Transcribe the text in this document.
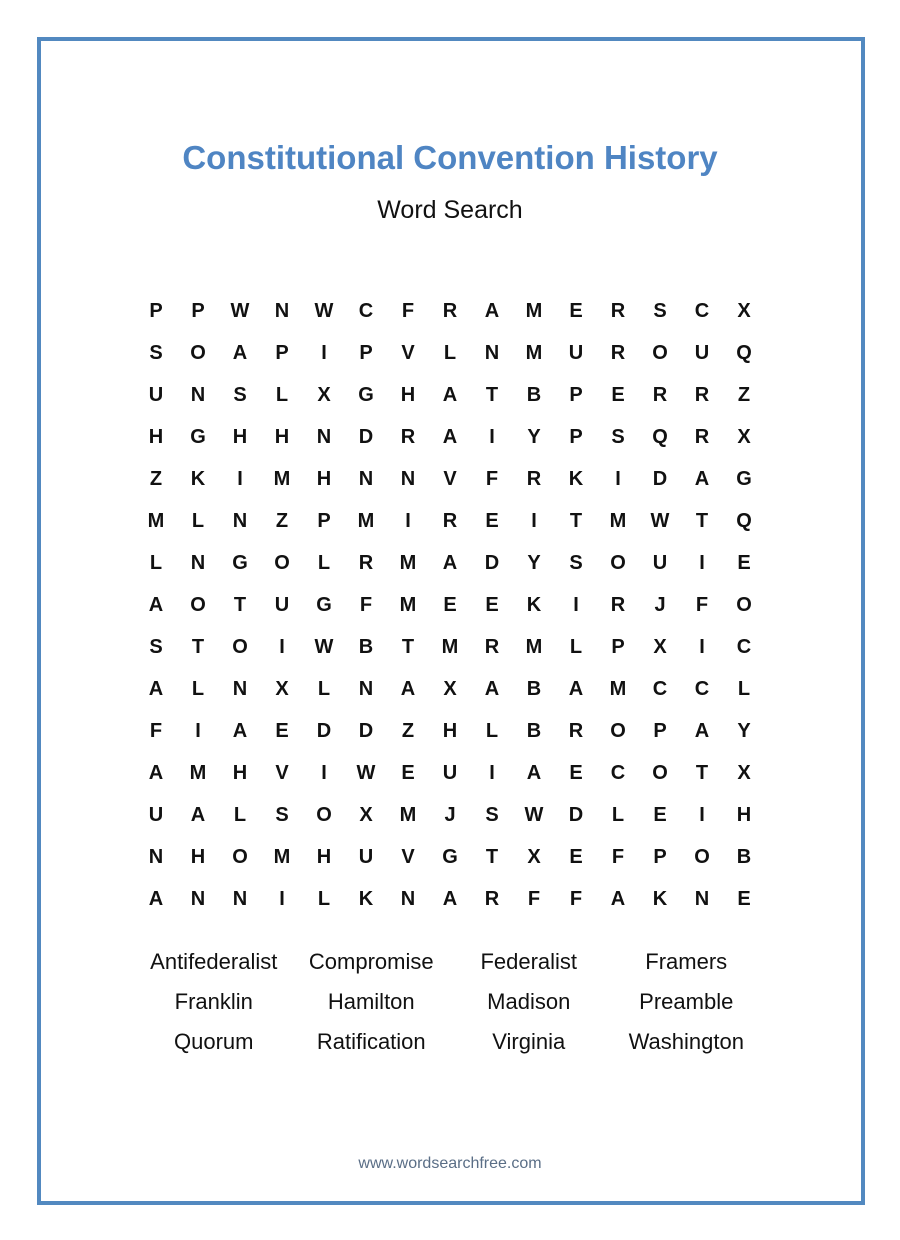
Constitutional Convention History
Word Search
P	P	W	N	W	C	F	R	A	M	E	R	S	C	X
S	O	A	P	I	P	V	L	N	M	U	R	O	U	Q
U	N	S	L	X	G	H	A	T	B	P	E	R	R	Z
H	G	H	H	N	D	R	A	I	Y	P	S	Q	R	X
Z	K	I	M	H	N	N	V	F	R	K	I	D	A	G
M	L	N	Z	P	M	I	R	E	I	T	M	W	T	Q
L	N	G	O	L	R	M	A	D	Y	S	O	U	I	E
A	O	T	U	G	F	M	E	E	K	I	R	J	F	O
S	T	O	I	W	B	T	M	R	M	L	P	X	I	C
A	L	N	X	L	N	A	X	A	B	A	M	C	C	L
F	I	A	E	D	D	Z	H	L	B	R	O	P	A	Y
A	M	H	V	I	W	E	U	I	A	E	C	O	T	X
U	A	L	S	O	X	M	J	S	W	D	L	E	I	H
N	H	O	M	H	U	V	G	T	X	E	F	P	O	B
A	N	N	I	L	K	N	A	R	F	F	A	K	N	E
Antifederalist	Compromise	Federalist	Framers
Franklin	Hamilton	Madison	Preamble
Quorum	Ratification	Virginia	Washington
www.wordsearchfree.com
